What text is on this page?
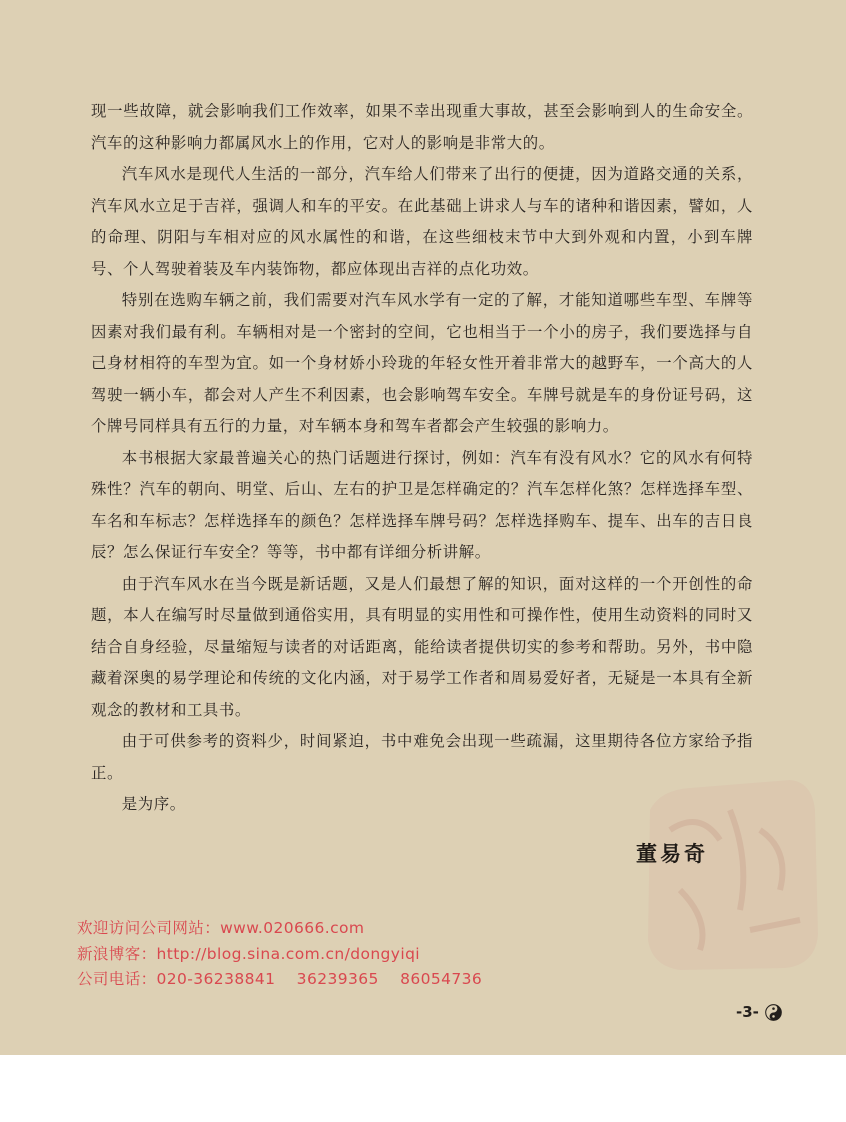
现一些故障，就会影响我们工作效率，如果不幸出现重大事故，甚至会影响到人的生命安全。汽车的这种影响力都属风水上的作用，它对人的影响是非常大的。

汽车风水是现代人生活的一部分，汽车给人们带来了出行的便捷，因为道路交通的关系，汽车风水立足于吉祥，强调人和车的平安。在此基础上讲求人与车的诸种和谐因素，譬如，人的命理、阴阳与车相对应的风水属性的和谐，在这些细枝末节中大到外观和内置，小到车牌号、个人驾驶着装及车内装饰物，都应体现出吉祥的点化功效。

特别在选购车辆之前，我们需要对汽车风水学有一定的了解，才能知道哪些车型、车牌等因素对我们最有利。车辆相对是一个密封的空间，它也相当于一个小的房子，我们要选择与自己身材相符的车型为宜。如一个身材娇小玲珑的年轻女性开着非常大的越野车，一个高大的人驾驶一辆小车，都会对人产生不利因素，也会影响驾车安全。车牌号就是车的身份证号码，这个牌号同样具有五行的力量，对车辆本身和驾车者都会产生较强的影响力。

本书根据大家最普遍关心的热门话题进行探讨，例如：汽车有没有风水？它的风水有何特殊性？汽车的朝向、明堂、后山、左右的护卫是怎样确定的？汽车怎样化煞？怎样选择车型、车名和车标志？怎样选择车的颜色？怎样选择车牌号码？怎样选择购车、提车、出车的吉日良辰？怎么保证行车安全？等等，书中都有详细分析讲解。

由于汽车风水在当今既是新话题，又是人们最想了解的知识，面对这样的一个开创性的命题，本人在编写时尽量做到通俗实用，具有明显的实用性和可操作性，使用生动资料的同时又结合自身经验，尽量缩短与读者的对话距离，能给读者提供切实的参考和帮助。另外，书中隐藏着深奥的易学理论和传统的文化内涵，对于易学工作者和周易爱好者，无疑是一本具有全新观念的教材和工具书。

由于可供参考的资料少，时间紧迫，书中难免会出现一些疏漏，这里期待各位方家给予指正。

是为序。

董易奇
欢迎访问公司网站：www.020666.com
新浪博客：http://blog.sina.com.cn/dongyiqi
公司电话：020-36238841    36239365    86054736
-3-
